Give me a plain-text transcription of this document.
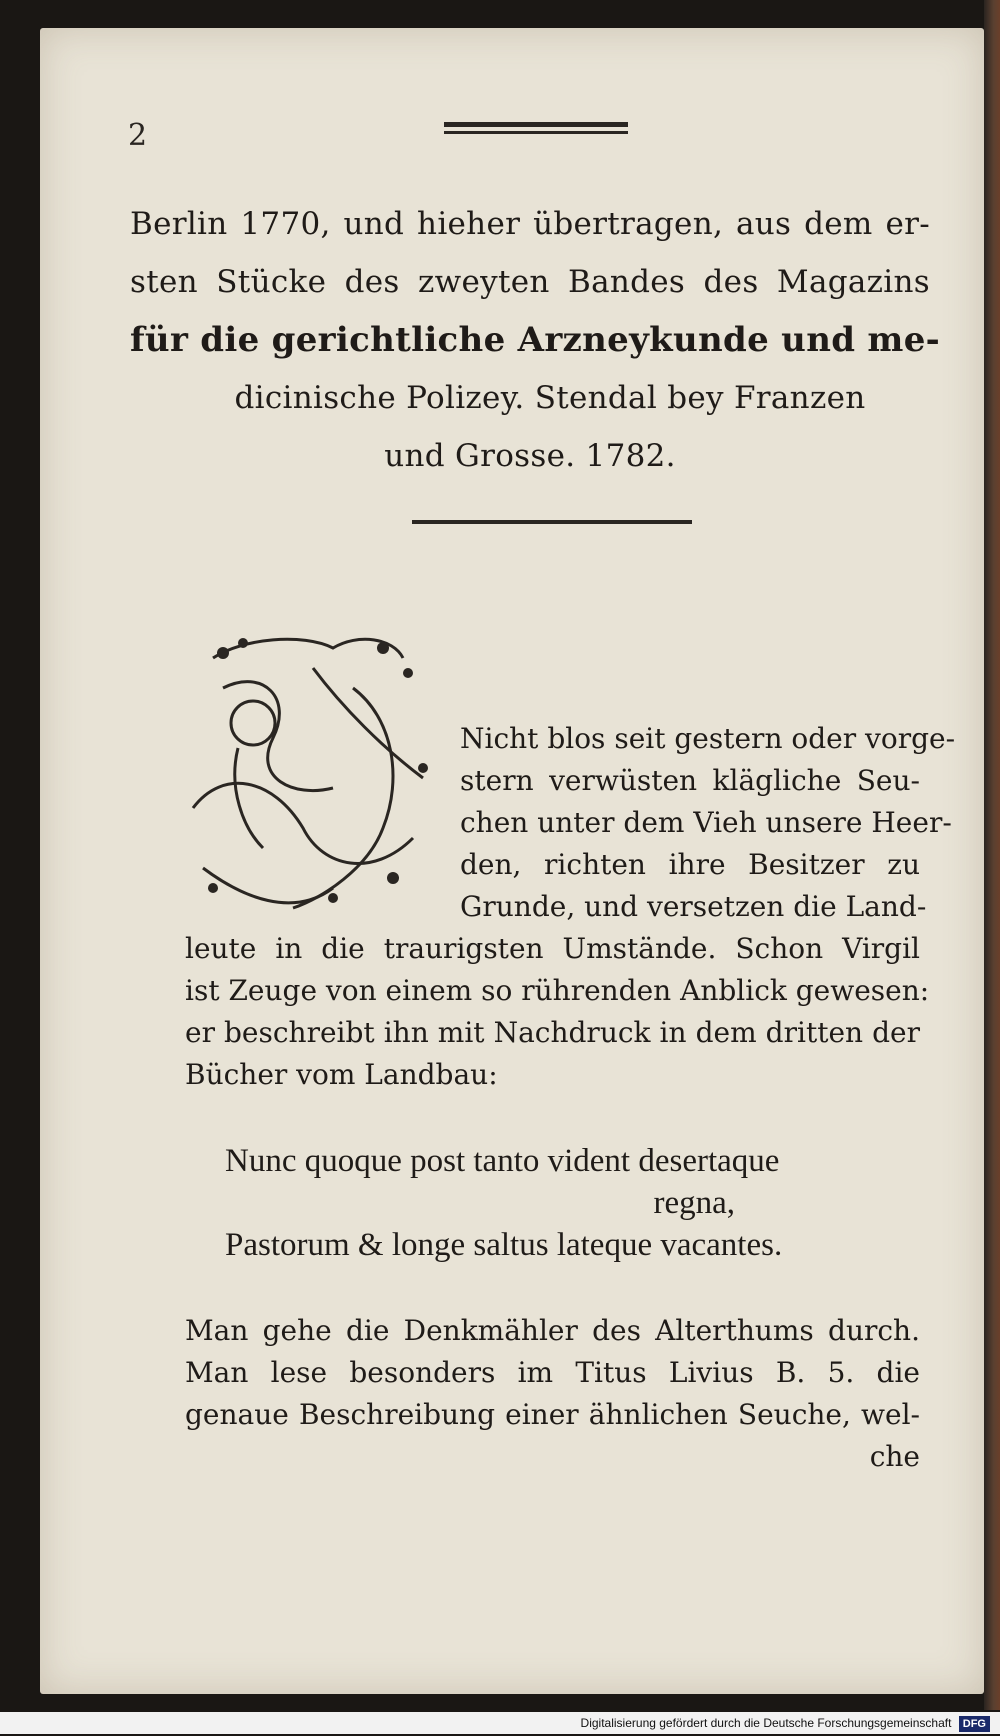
2
Berlin 1770, und hieher übertragen, aus dem er-
sten Stücke des zweyten Bandes des Magazins
für die gerichtliche Arzneykunde und me-
dicinische Polizey. Stendal bey Franzen
und Grosse. 1782.
Nicht blos seit gestern oder vorge-
stern verwüsten klägliche Seu-
chen unter dem Vieh unsere Heer-
den, richten ihre Besitzer zu
Grunde, und versetzen die Land-
leute in die traurigsten Umstände. Schon Virgil
ist Zeuge von einem so rührenden Anblick gewesen:
er beschreibt ihn mit Nachdruck in dem dritten der
Bücher vom Landbau:
Nunc quoque post tanto vident desertaque
regna,
Pastorum & longe saltus lateque vacantes.
Man gehe die Denkmähler des Alterthums durch.
Man lese besonders im Titus Livius B. 5. die
genaue Beschreibung einer ähnlichen Seuche, wel-
che
Digitalisierung gefördert durch die Deutsche Forschungsgemeinschaft DFG
